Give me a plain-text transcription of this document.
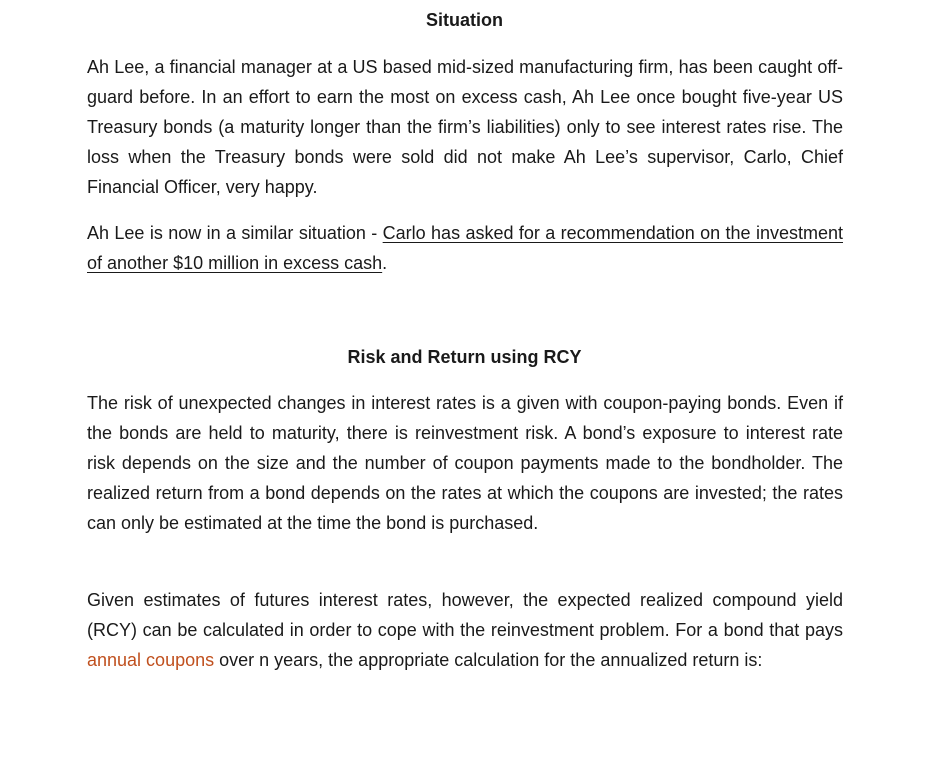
Situation

Ah Lee, a financial manager at a US based mid-sized manufacturing firm, has been caught off-guard before. In an effort to earn the most on excess cash, Ah Lee once bought five-year US Treasury bonds (a maturity longer than the firm’s liabilities) only to see interest rates rise. The loss when the Treasury bonds were sold did not make Ah Lee’s supervisor, Carlo, Chief Financial Officer, very happy.

Ah Lee is now in a similar situation - Carlo has asked for a recommendation on the investment of another $10 million in excess cash.

Risk and Return using RCY

The risk of unexpected changes in interest rates is a given with coupon-paying bonds. Even if the bonds are held to maturity, there is reinvestment risk. A bond’s exposure to interest rate risk depends on the size and the number of coupon payments made to the bondholder. The realized return from a bond depends on the rates at which the coupons are invested; the rates can only be estimated at the time the bond is purchased.

Given estimates of futures interest rates, however, the expected realized compound yield (RCY) can be calculated in order to cope with the reinvestment problem. For a bond that pays annual coupons over n years, the appropriate calculation for the annualized return is:
